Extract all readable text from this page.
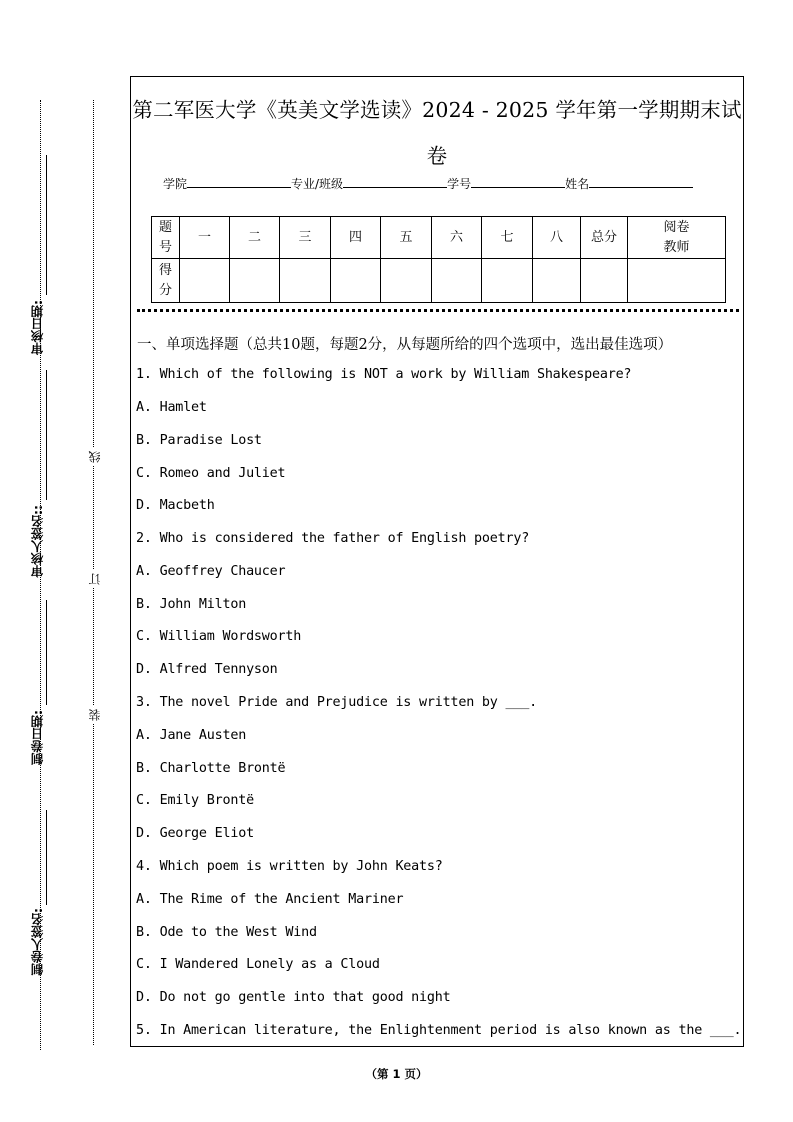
审核日期:
审核人签名::
制卷日期:
制卷人签名:
线
订
装
第二军医大学《英美文学选读》2024 - 2025 学年第一学期期末试
卷
学院	专业/班级	学号	姓名
题号	一	二	三	四	五	六	七	八	总分	阅卷教师
得分										
一、单项选择题（总共10题，每题2分，从每题所给的四个选项中，选出最佳选项）
1. Which of the following is NOT a work by William Shakespeare?
A. Hamlet
B. Paradise Lost
C. Romeo and Juliet
D. Macbeth
2. Who is considered the father of English poetry?
A. Geoffrey Chaucer
B. John Milton
C. William Wordsworth
D. Alfred Tennyson
3. The novel Pride and Prejudice is written by ___.
A. Jane Austen
B. Charlotte Brontë
C. Emily Brontë
D. George Eliot
4. Which poem is written by John Keats?
A. The Rime of the Ancient Mariner
B. Ode to the West Wind
C. I Wandered Lonely as a Cloud
D. Do not go gentle into that good night
5. In American literature, the Enlightenment period is also known as the ___.
（第 1 页）
